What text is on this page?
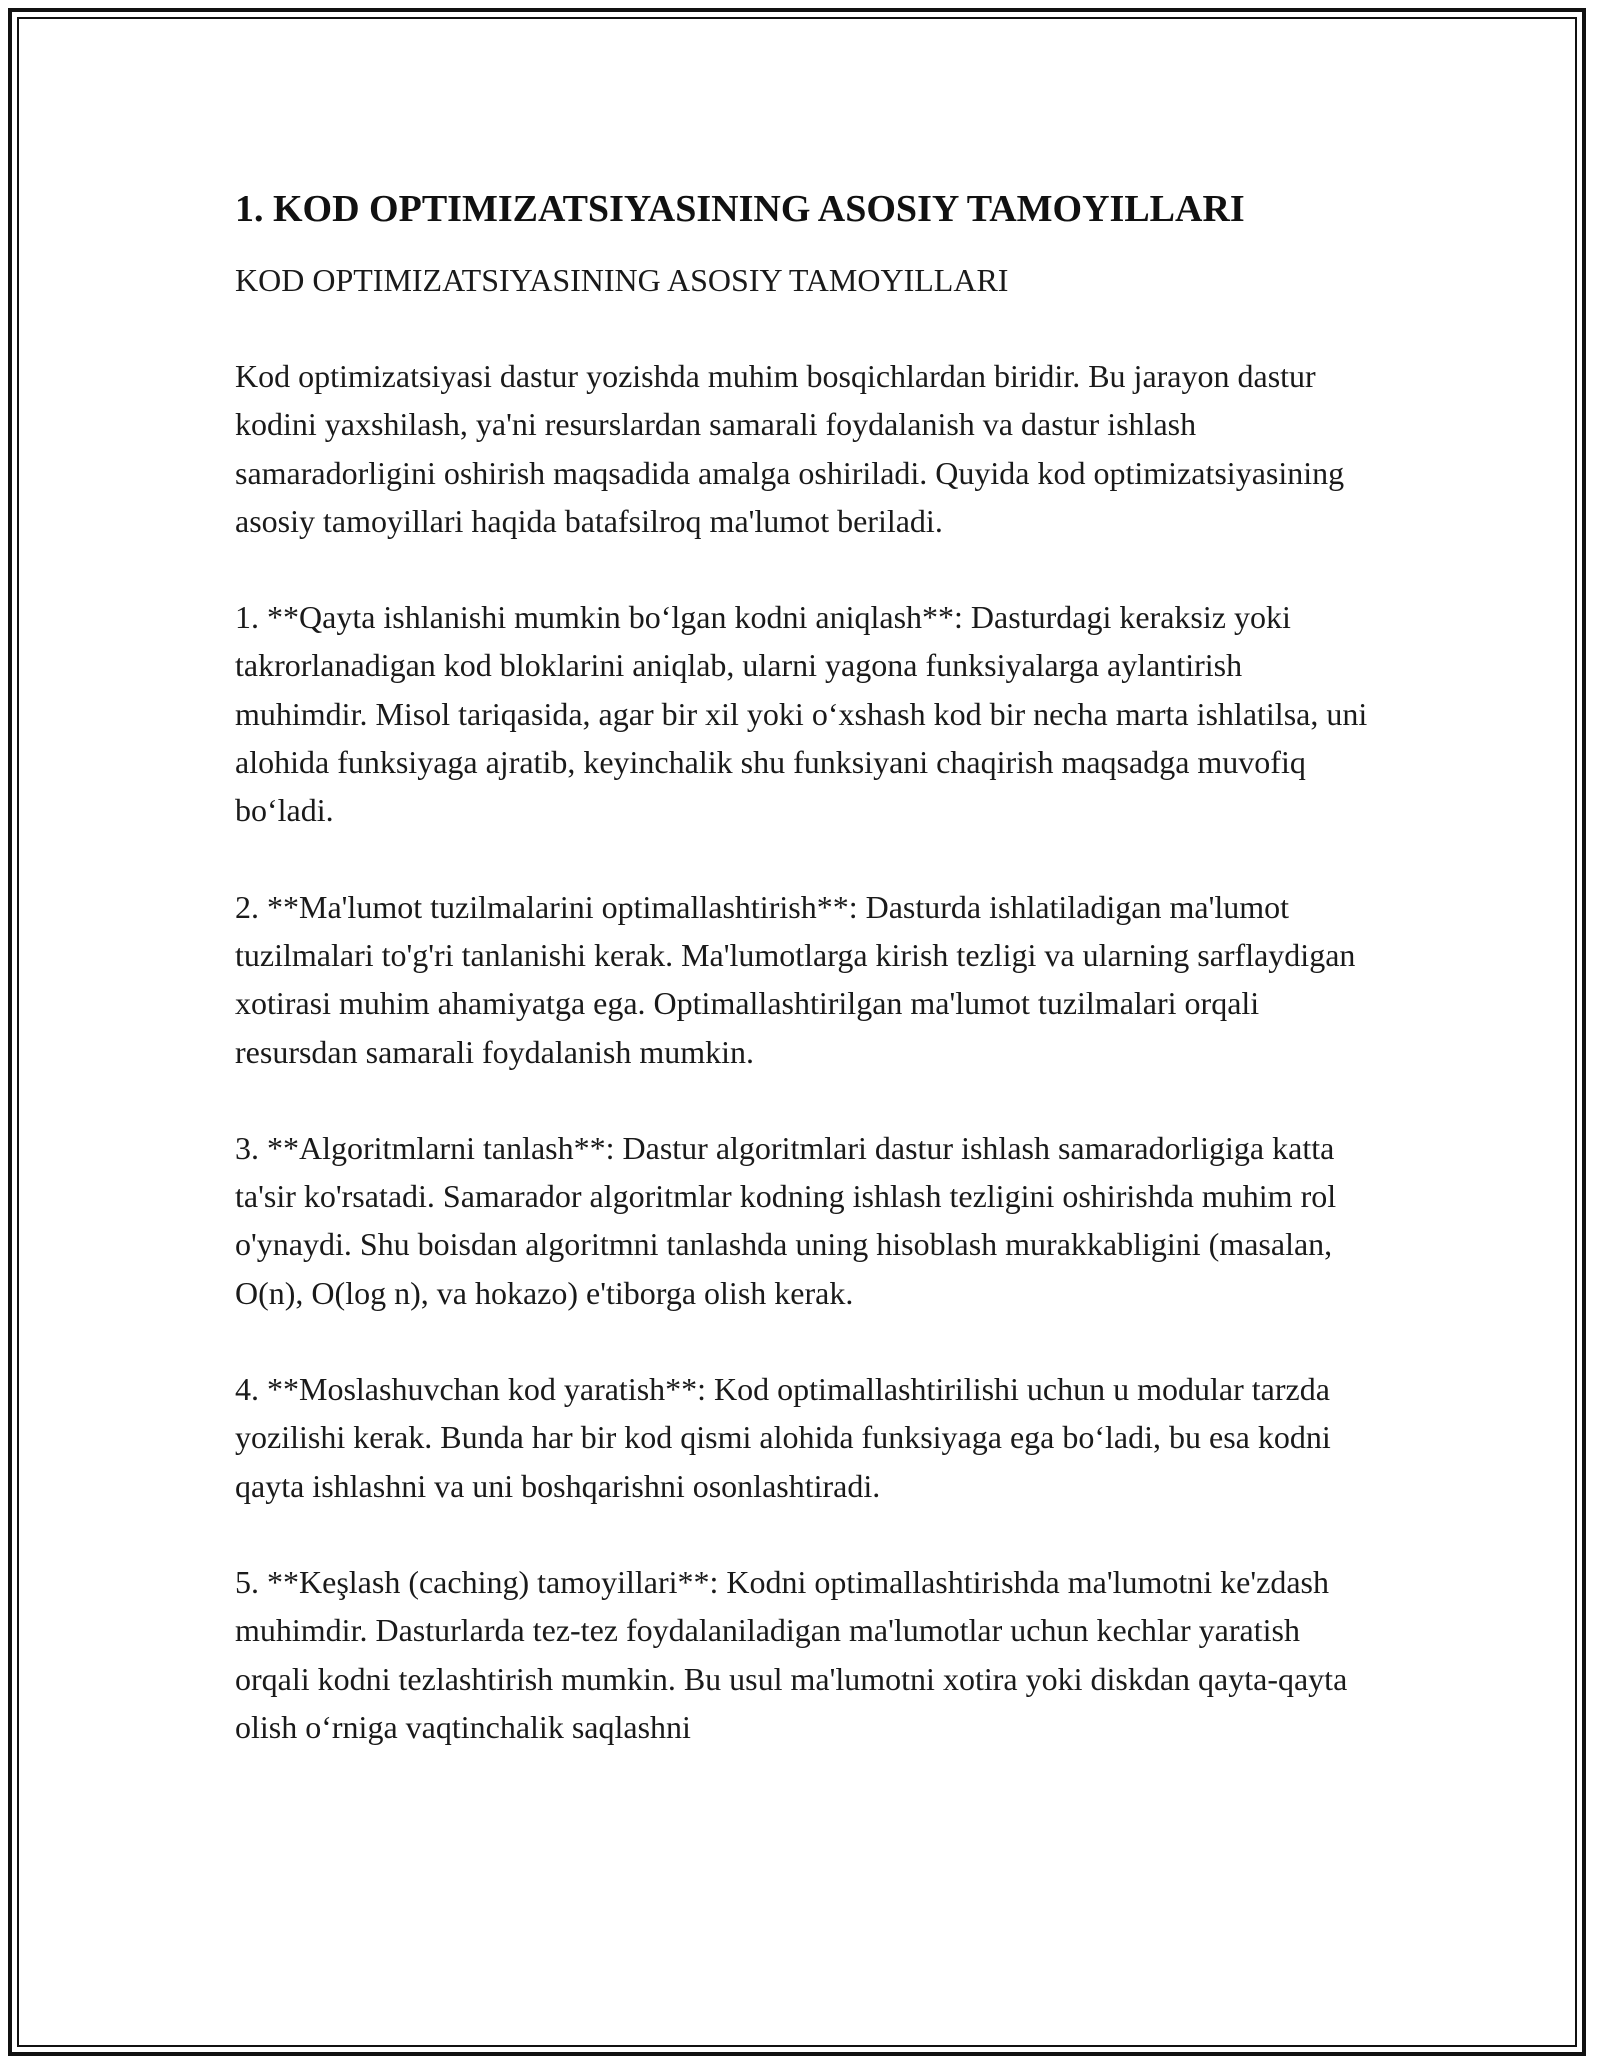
1. KOD OPTIMIZATSIYASINING ASOSIY TAMOYILLARI
KOD OPTIMIZATSIYASINING ASOSIY TAMOYILLARI

Kod optimizatsiyasi dastur yozishda muhim bosqichlardan biridir. Bu jarayon dastur kodini yaxshilash, ya'ni resurslardan samarali foydalanish va dastur ishlash samaradorligini oshirish maqsadida amalga oshiriladi. Quyida kod optimizatsiyasining asosiy tamoyillari haqida batafsilroq ma'lumot beriladi.

1. **Qayta ishlanishi mumkin bo‘lgan kodni aniqlash**: Dasturdagi keraksiz yoki takrorlanadigan kod bloklarini aniqlab, ularni yagona funksiyalarga aylantirish muhimdir. Misol tariqasida, agar bir xil yoki o‘xshash kod bir necha marta ishlatilsa, uni alohida funksiyaga ajratib, keyinchalik shu funksiyani chaqirish maqsadga muvofiq bo‘ladi.

2. **Ma'lumot tuzilmalarini optimallashtirish**: Dasturda ishlatiladigan ma'lumot tuzilmalari to'g'ri tanlanishi kerak. Ma'lumotlarga kirish tezligi va ularning sarflaydigan xotirasi muhim ahamiyatga ega. Optimallashtirilgan ma'lumot tuzilmalari orqali resursdan samarali foydalanish mumkin.

3. **Algoritmlarni tanlash**: Dastur algoritmlari dastur ishlash samaradorligiga katta ta'sir ko'rsatadi. Samarador algoritmlar kodning ishlash tezligini oshirishda muhim rol o'ynaydi. Shu boisdan algoritmni tanlashda uning hisoblash murakkabligini (masalan, O(n), O(log n), va hokazo) e'tiborga olish kerak.

4. **Moslashuvchan kod yaratish**: Kod optimallashtirilishi uchun u modular tarzda yozilishi kerak. Bunda har bir kod qismi alohida funksiyaga ega bo‘ladi, bu esa kodni qayta ishlashni va uni boshqarishni osonlashtiradi.

5. **Keşlash (caching) tamoyillari**: Kodni optimallashtirishda ma'lumotni ke'zdash muhimdir. Dasturlarda tez-tez foydalaniladigan ma'lumotlar uchun kechlar yaratish orqali kodni tezlashtirish mumkin. Bu usul ma'lumotni xotira yoki diskdan qayta-qayta olish o‘rniga vaqtinchalik saqlashni
